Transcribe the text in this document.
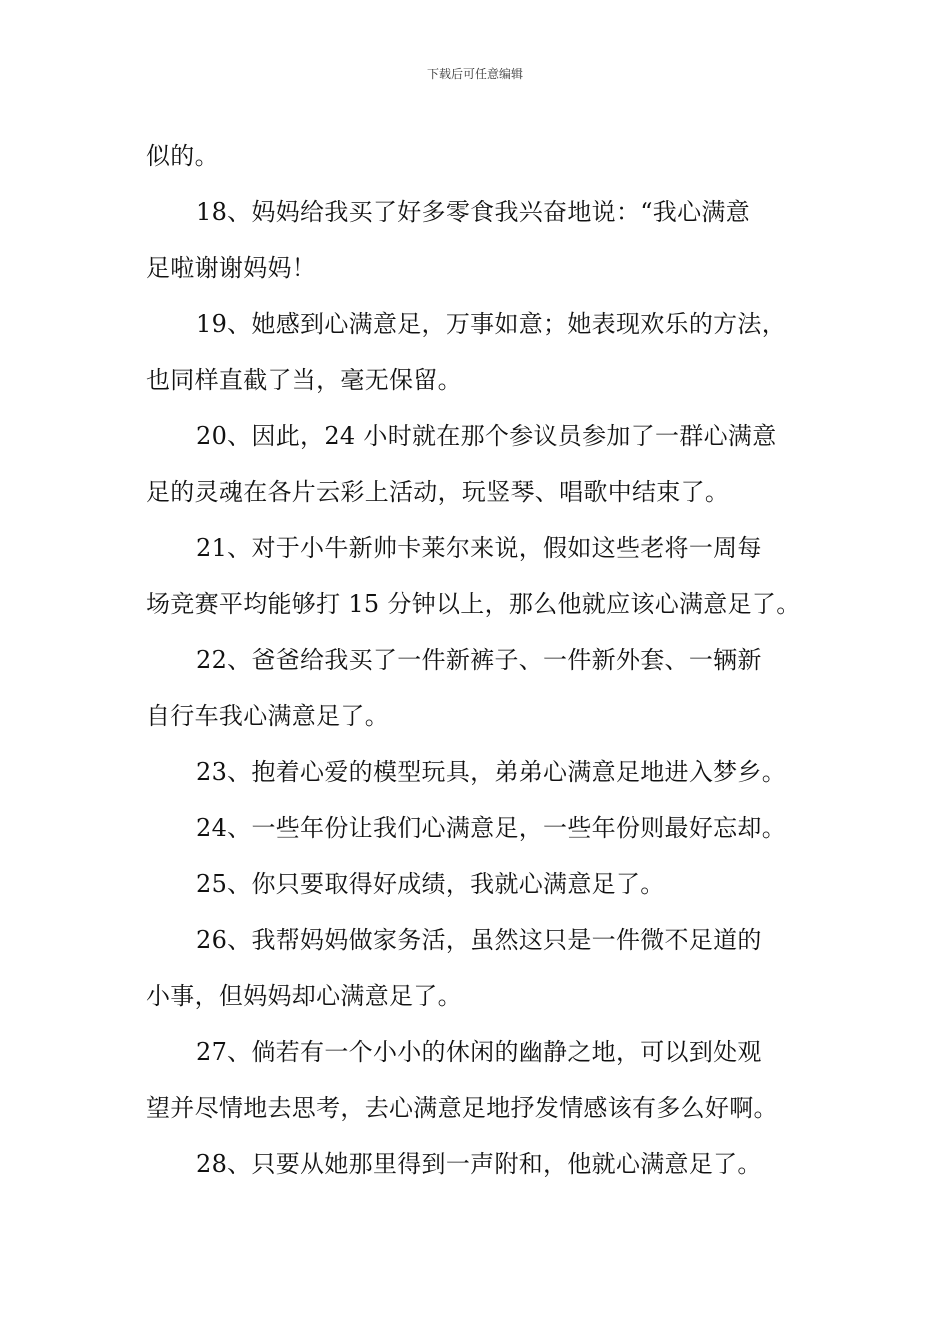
下载后可任意编辑

似的。

18、妈妈给我买了好多零食我兴奋地说：“我心满意

足啦谢谢妈妈！

19、她感到心满意足，万事如意；她表现欢乐的方法，

也同样直截了当，毫无保留。

20、因此，24 小时就在那个参议员参加了一群心满意

足的灵魂在各片云彩上活动，玩竖琴、唱歌中结束了。

21、对于小牛新帅卡莱尔来说，假如这些老将一周每

场竞赛平均能够打 15 分钟以上，那么他就应该心满意足了。

22、爸爸给我买了一件新裤子、一件新外套、一辆新

自行车我心满意足了。

23、抱着心爱的模型玩具，弟弟心满意足地进入梦乡。

24、一些年份让我们心满意足，一些年份则最好忘却。

25、你只要取得好成绩，我就心满意足了。

26、我帮妈妈做家务活，虽然这只是一件微不足道的

小事，但妈妈却心满意足了。

27、倘若有一个小小的休闲的幽静之地，可以到处观

望并尽情地去思考，去心满意足地抒发情感该有多么好啊。

28、只要从她那里得到一声附和，他就心满意足了。
